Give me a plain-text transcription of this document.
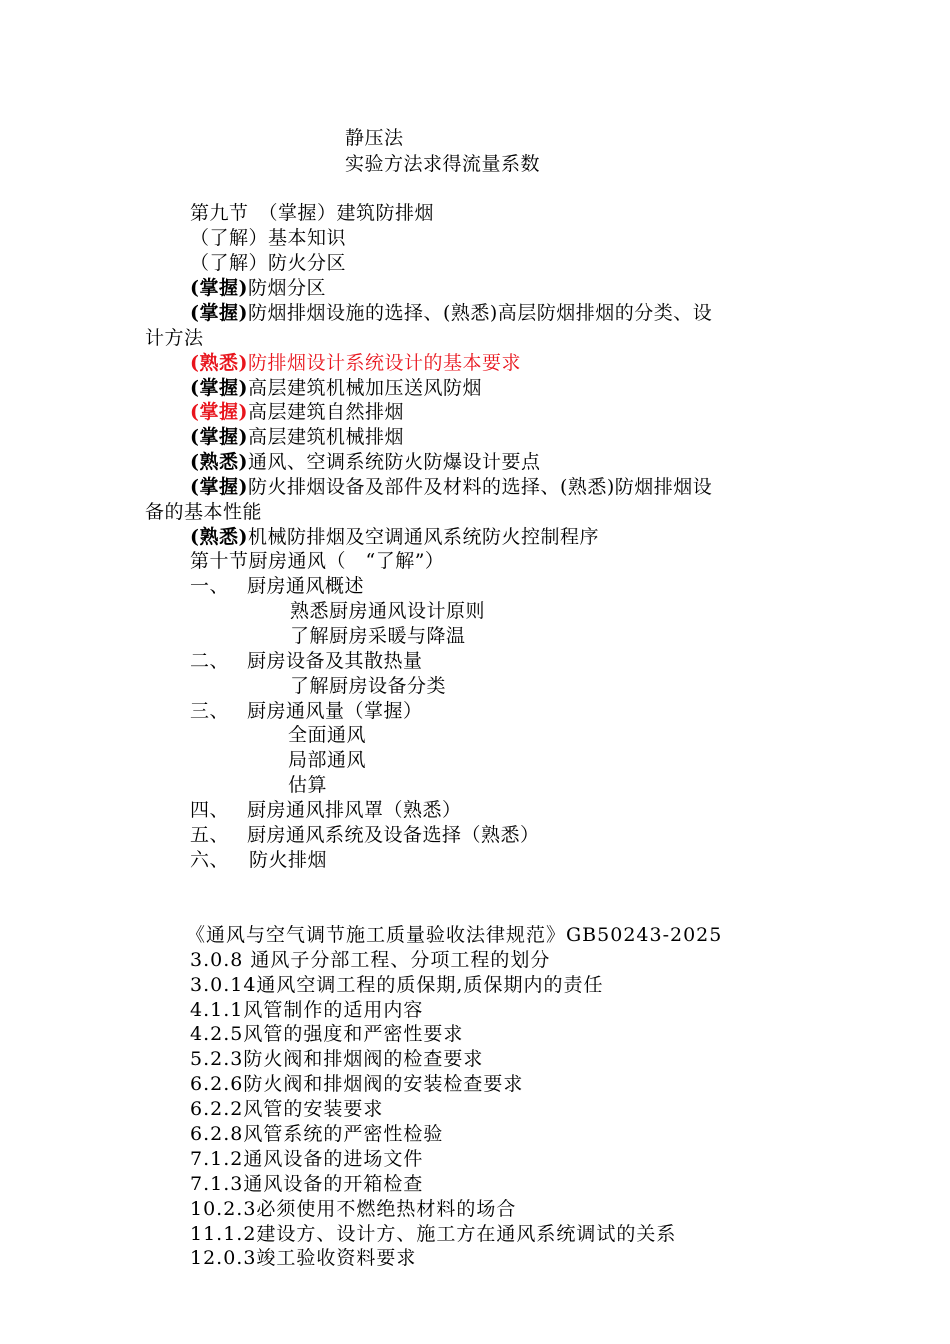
静压法
实验方法求得流量系数
第九节　（掌握）建筑防排烟
（了解）基本知识
（了解）防火分区
(掌握)防烟分区
(掌握)防烟排烟设施的选择、(熟悉)高层防烟排烟的分类、设
计方法
(熟悉)防排烟设计系统设计的基本要求
(掌握)高层建筑机械加压送风防烟
(掌握)高层建筑自然排烟
(掌握)高层建筑机械排烟
(熟悉)通风、空调系统防火防爆设计要点
(掌握)防火排烟设备及部件及材料的选择、(熟悉)防烟排烟设
备的基本性能
(熟悉)机械防排烟及空调通风系统防火控制程序
第十节厨房通风（　“了解”）
一、 厨房通风概述
熟悉厨房通风设计原则
了解厨房采暖与降温
二、 厨房设备及其散热量
了解厨房设备分类
三、 厨房通风量（掌握）
全面通风
局部通风
估算
四、 厨房通风排风罩（熟悉）
五、 厨房通风系统及设备选择（熟悉）
六、 防火排烟
《通风与空气调节施工质量验收法律规范》GB50243-2025
3.0.8 通风子分部工程、分项工程的划分
3.0.14通风空调工程的质保期,质保期内的责任
4.1.1风管制作的适用内容
4.2.5风管的强度和严密性要求
5.2.3防火阀和排烟阀的检查要求
6.2.6防火阀和排烟阀的安装检查要求
6.2.2风管的安装要求
6.2.8风管系统的严密性检验
7.1.2通风设备的进场文件
7.1.3通风设备的开箱检查
10.2.3必须使用不燃绝热材料的场合
11.1.2建设方、设计方、施工方在通风系统调试的关系
12.0.3竣工验收资料要求
